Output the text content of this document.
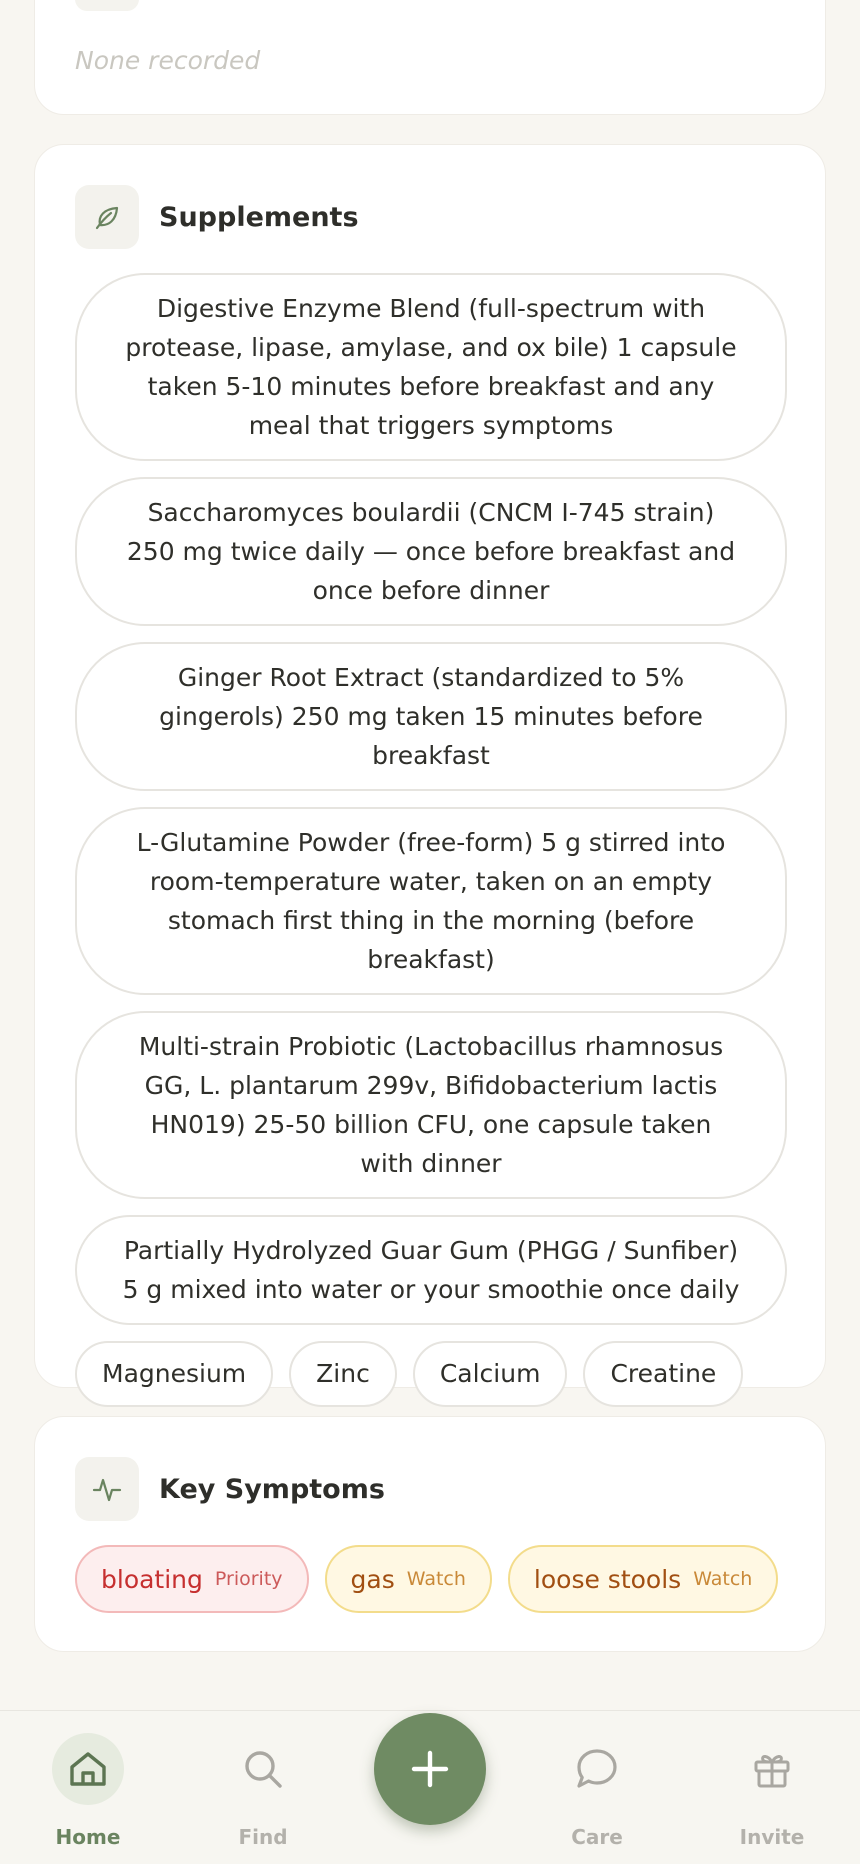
None recorded
Supplements
Digestive Enzyme Blend (full-spectrum with protease, lipase, amylase, and ox bile) 1 capsule taken 5-10 minutes before breakfast and any meal that triggers symptoms
Saccharomyces boulardii (CNCM I-745 strain) 250 mg twice daily — once before breakfast and once before dinner
Ginger Root Extract (standardized to 5% gingerols) 250 mg taken 15 minutes before breakfast
L-Glutamine Powder (free-form) 5 g stirred into room-temperature water, taken on an empty stomach first thing in the morning (before breakfast)
Multi-strain Probiotic (Lactobacillus rhamnosus GG, L. plantarum 299v, Bifidobacterium lactis HN019) 25-50 billion CFU, one capsule taken with dinner
Partially Hydrolyzed Guar Gum (PHGG / Sunfiber) 5 g mixed into water or your smoothie once daily
Magnesium	Zinc	Calcium	Creatine
Key Symptoms
bloating Priority	gas Watch	loose stools Watch
Home	Find	Care	Invite
